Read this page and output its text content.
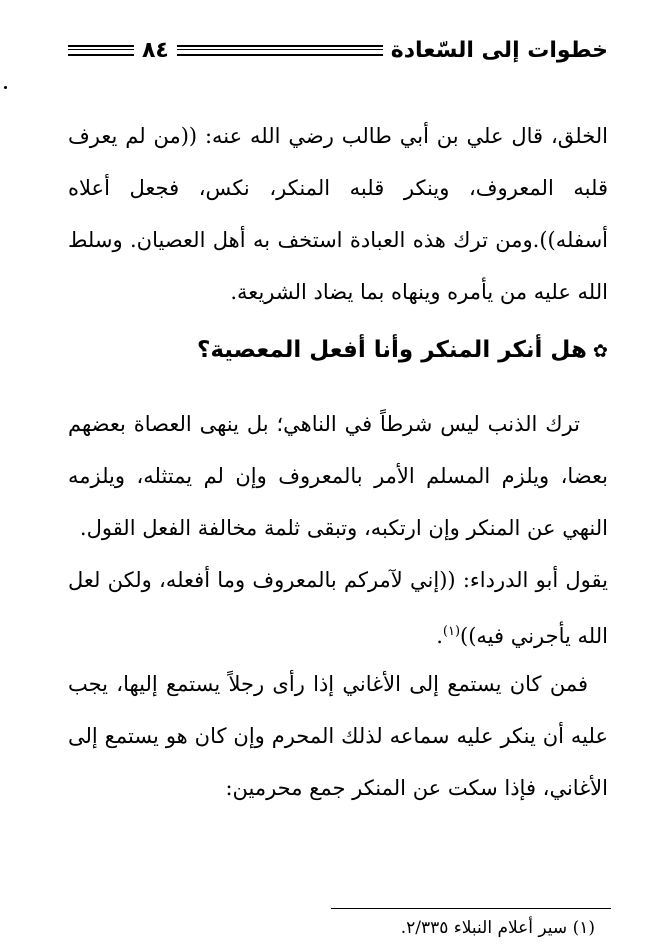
خطوات إلى السّعادة
٨٤
الخلق، قال علي بن أبي طالب رضي الله عنه: ((من لم يعرف قلبه المعروف، وينكر قلبه المنكر، نكس، فجعل أعلاه أسفله)).ومن ترك هذه العبادة استخف به أهل العصيان. وسلط الله عليه من يأمره وينهاه بما يضاد الشريعة.
✿هل أنكر المنكر وأنا أفعل المعصية؟
ترك الذنب ليس شرطاً في الناهي؛ بل ينهى العصاة بعضهم بعضا، ويلزم المسلم الأمر بالمعروف وإن لم يمتثله، ويلزمه النهي عن المنكر وإن ارتكبه، وتبقى ثلمة مخالفة الفعل القول.
يقول أبو الدرداء: ((إني لآمركم بالمعروف وما أفعله، ولكن لعل الله يأجرني فيه))$^{(١)}$.
فمن كان يستمع إلى الأغاني إذا رأى رجلاً يستمع إليها، يجب عليه أن ينكر عليه سماعه لذلك المحرم وإن كان هو يستمع إلى الأغاني، فإذا سكت عن المنكر جمع محرمين:
(١) سير أعلام النبلاء ٢/٣٣٥.
